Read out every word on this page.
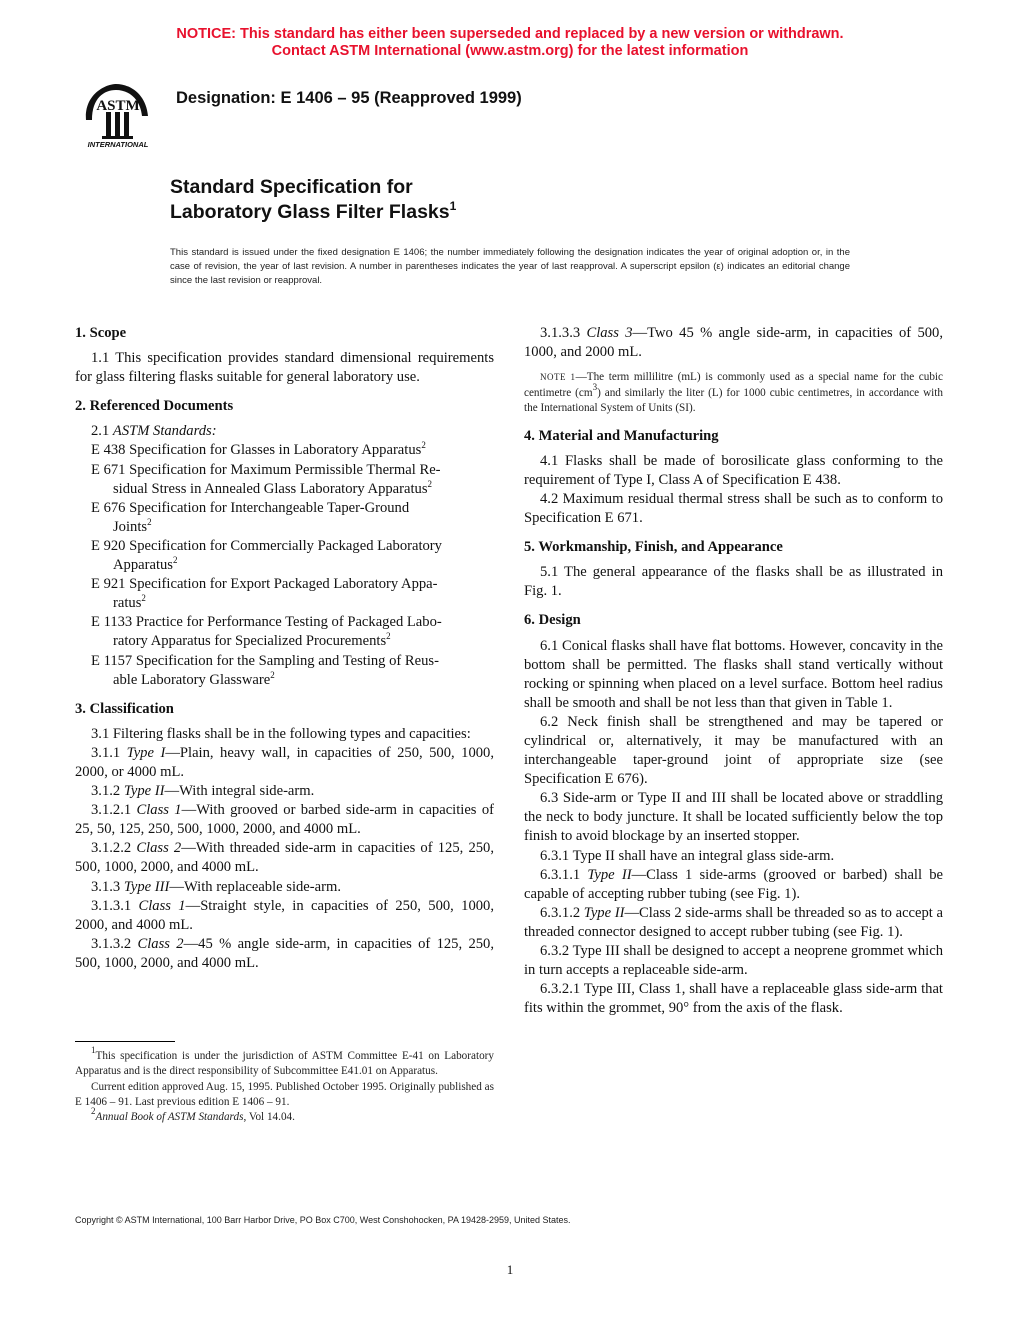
NOTICE: This standard has either been superseded and replaced by a new version or withdrawn.
Contact ASTM International (www.astm.org) for the latest information
ASTM
INTERNATIONAL
Designation: E 1406 – 95 (Reapproved 1999)
Standard Specification for
Laboratory Glass Filter Flasks$^1$
This standard is issued under the fixed designation E 1406; the number immediately following the designation indicates the year of original adoption or, in the case of revision, the year of last revision. A number in parentheses indicates the year of last reapproval. A superscript epsilon (ε) indicates an editorial change since the last revision or reapproval.
1. Scope

1.1 This specification provides standard dimensional requirements for glass filtering flasks suitable for general laboratory use.

2. Referenced Documents

2.1 ASTM Standards:

E 438 Specification for Glasses in Laboratory Apparatus$^2$

E 671 Specification for Maximum Permissible Thermal Re-
sidual Stress in Annealed Glass Laboratory Apparatus$^2$

E 676 Specification for Interchangeable Taper-Ground
Joints$^2$

E 920 Specification for Commercially Packaged Laboratory
Apparatus$^2$

E 921 Specification for Export Packaged Laboratory Appa-
ratus$^2$

E 1133 Practice for Performance Testing of Packaged Labo-
ratory Apparatus for Specialized Procurements$^2$

E 1157 Specification for the Sampling and Testing of Reus-
able Laboratory Glassware$^2$

3. Classification

3.1 Filtering flasks shall be in the following types and capacities:

3.1.1 Type I—Plain, heavy wall, in capacities of 250, 500, 1000, 2000, or 4000 mL.

3.1.2 Type II—With integral side-arm.

3.1.2.1 Class 1—With grooved or barbed side-arm in capacities of 25, 50, 125, 250, 500, 1000, 2000, and 4000 mL.

3.1.2.2 Class 2—With threaded side-arm in capacities of 125, 250, 500, 1000, 2000, and 4000 mL.

3.1.3 Type III—With replaceable side-arm.

3.1.3.1 Class 1—Straight style, in capacities of 250, 500, 1000, 2000, and 4000 mL.

3.1.3.2 Class 2—45 % angle side-arm, in capacities of 125, 250, 500, 1000, 2000, and 4000 mL.

3.1.3.3 Class 3—Two 45 % angle side-arm, in capacities of 500, 1000, and 2000 mL.

NOTE 1—The term millilitre (mL) is commonly used as a special name for the cubic centimetre $(cm^3)$ and similarly the liter (L) for 1000 cubic centimetres, in accordance with the International System of Units (SI).

4. Material and Manufacturing

4.1 Flasks shall be made of borosilicate glass conforming to the requirement of Type I, Class A of Specification E 438.

4.2 Maximum residual thermal stress shall be such as to conform to Specification E 671.

5. Workmanship, Finish, and Appearance

5.1 The general appearance of the flasks shall be as illustrated in Fig. 1.

6. Design

6.1 Conical flasks shall have flat bottoms. However, concavity in the bottom shall be permitted. The flasks shall stand vertically without rocking or spinning when placed on a level surface. Bottom heel radius shall be smooth and shall be not less than that given in Table 1.

6.2 Neck finish shall be strengthened and may be tapered or cylindrical or, alternatively, it may be manufactured with an interchangeable taper-ground joint of appropriate size (see Specification E 676).

6.3 Side-arm or Type II and III shall be located above or straddling the neck to body juncture. It shall be located sufficiently below the top finish to avoid blockage by an inserted stopper.

6.3.1 Type II shall have an integral glass side-arm.

6.3.1.1 Type II—Class 1 side-arms (grooved or barbed) shall be capable of accepting rubber tubing (see Fig. 1).

6.3.1.2 Type II—Class 2 side-arms shall be threaded so as to accept a threaded connector designed to accept rubber tubing (see Fig. 1).

6.3.2 Type III shall be designed to accept a neoprene grommet which in turn accepts a replaceable side-arm.

6.3.2.1 Type III, Class 1, shall have a replaceable glass side-arm that fits within the grommet, 90° from the axis of the flask.

$^1$This specification is under the jurisdiction of ASTM Committee E-41 on Laboratory Apparatus and is the direct responsibility of Subcommittee E41.01 on Apparatus.

Current edition approved Aug. 15, 1995. Published October 1995. Originally published as E 1406 – 91. Last previous edition E 1406 – 91.

$^2$Annual Book of ASTM Standards, Vol 14.04.

Copyright © ASTM International, 100 Barr Harbor Drive, PO Box C700, West Conshohocken, PA 19428-2959, United States.
1
